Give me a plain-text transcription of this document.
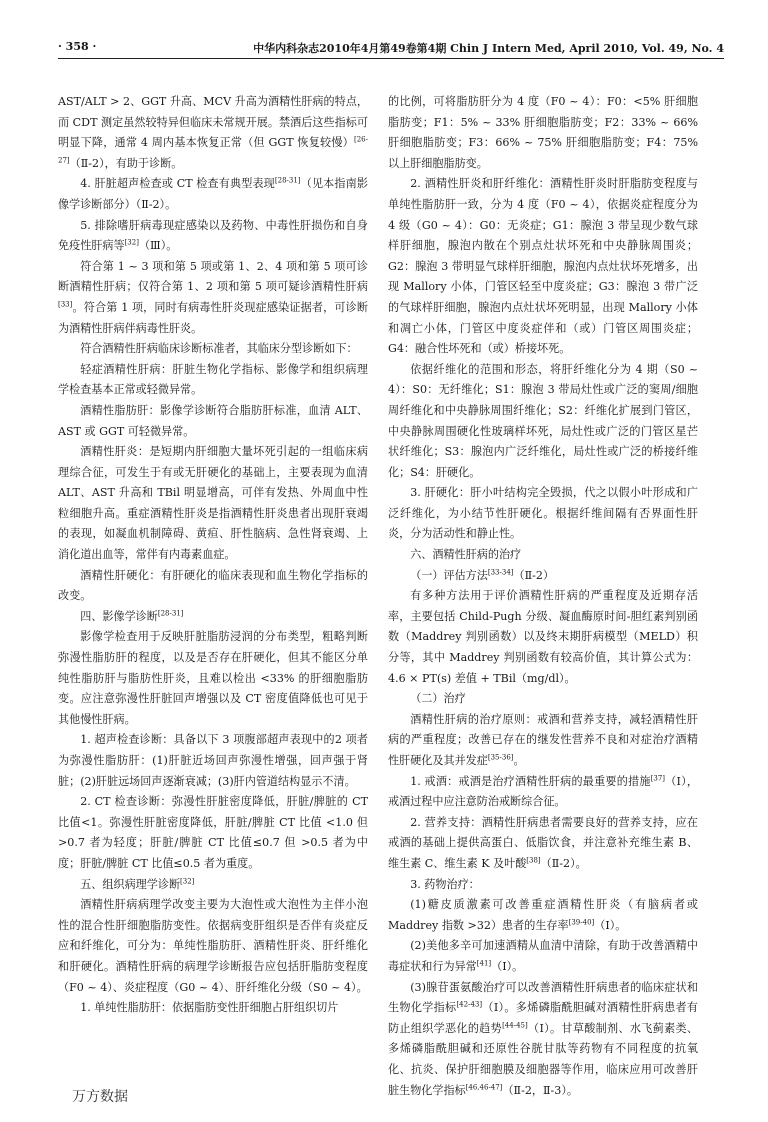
· 358 ·	中华内科杂志2010年4月第49卷第4期 Chin J Intern Med, April 2010, Vol. 49, No. 4

AST/ALT > 2、GGT 升高、MCV 升高为酒精性肝病的特点，而 CDT 测定虽然较特异但临床未常规开展。禁酒后这些指标可明显下降，通常 4 周内基本恢复正常（但 GGT 恢复较慢）[26-27]（Ⅱ-2），有助于诊断。

4. 肝脏超声检查或 CT 检查有典型表现[28-31]（见本指南影像学诊断部分）（Ⅱ-2）。

5. 排除嗜肝病毒现症感染以及药物、中毒性肝损伤和自身免疫性肝病等[32]（Ⅲ）。

符合第 1 ~ 3 项和第 5 项或第 1、2、4 项和第 5 项可诊断酒精性肝病；仅符合第 1、2 项和第 5 项可疑诊酒精性肝病[33]。符合第 1 项，同时有病毒性肝炎现症感染证据者，可诊断为酒精性肝病伴病毒性肝炎。

符合酒精性肝病临床诊断标准者，其临床分型诊断如下：

轻症酒精性肝病：肝脏生物化学指标、影像学和组织病理学检查基本正常或轻微异常。

酒精性脂肪肝：影像学诊断符合脂肪肝标准，血清 ALT、AST 或 GGT 可轻微异常。

酒精性肝炎：是短期内肝细胞大量坏死引起的一组临床病理综合征，可发生于有或无肝硬化的基础上，主要表现为血清 ALT、AST 升高和 TBil 明显增高，可伴有发热、外周血中性粒细胞升高。重症酒精性肝炎是指酒精性肝炎患者出现肝衰竭的表现，如凝血机制障碍、黄疸、肝性脑病、急性肾衰竭、上消化道出血等，常伴有内毒素血症。

酒精性肝硬化：有肝硬化的临床表现和血生物化学指标的改变。

四、影像学诊断[28-31]

影像学检查用于反映肝脏脂肪浸润的分布类型，粗略判断弥漫性脂肪肝的程度，以及是否存在肝硬化，但其不能区分单纯性脂肪肝与脂肪性肝炎，且难以检出 <33% 的肝细胞脂肪变。应注意弥漫性肝脏回声增强以及 CT 密度值降低也可见于其他慢性肝病。

1. 超声检查诊断：具备以下 3 项腹部超声表现中的2 项者为弥漫性脂肪肝：(1)肝脏近场回声弥漫性增强，回声强于肾脏；(2)肝脏远场回声逐渐衰减；(3)肝内管道结构显示不清。

2. CT 检查诊断：弥漫性肝脏密度降低，肝脏/脾脏的 CT 比值<1。弥漫性肝脏密度降低，肝脏/脾脏 CT 比值 <1.0 但 >0.7 者为轻度；肝脏/脾脏 CT 比值≤0.7 但 >0.5 者为中度；肝脏/脾脏 CT 比值≤0.5 者为重度。

五、组织病理学诊断[32]

酒精性肝病病理学改变主要为大泡性或大泡性为主伴小泡性的混合性肝细胞脂肪变性。依据病变肝组织是否伴有炎症反应和纤维化，可分为：单纯性脂肪肝、酒精性肝炎、肝纤维化和肝硬化。酒精性肝病的病理学诊断报告应包括肝脂肪变程度（F0 ~ 4）、炎症程度（G0 ~ 4）、肝纤维化分级（S0 ~ 4）。

1. 单纯性脂肪肝：依据脂肪变性肝细胞占肝组织切片

的比例，可将脂肪肝分为 4 度（F0 ~ 4）：F0：<5% 肝细胞脂肪变；F1：5% ~ 33% 肝细胞脂肪变；F2：33% ~ 66% 肝细胞脂肪变；F3：66% ~ 75% 肝细胞脂肪变；F4：75% 以上肝细胞脂肪变。

2. 酒精性肝炎和肝纤维化：酒精性肝炎时肝脂肪变程度与单纯性脂肪肝一致，分为 4 度（F0 ~ 4），依据炎症程度分为 4 级（G0 ~ 4）：G0：无炎症；G1：腺泡 3 带呈现少数气球样肝细胞，腺泡内散在个别点灶状坏死和中央静脉周围炎；G2：腺泡 3 带明显气球样肝细胞，腺泡内点灶状坏死增多，出现 Mallory 小体，门管区轻至中度炎症；G3：腺泡 3 带广泛的气球样肝细胞，腺泡内点灶状坏死明显，出现 Mallory 小体和凋亡小体，门管区中度炎症伴和（或）门管区周围炎症；G4：融合性坏死和（或）桥接坏死。

依据纤维化的范围和形态，将肝纤维化分为 4 期（S0 ~ 4）：S0：无纤维化；S1：腺泡 3 带局灶性或广泛的窦周/细胞周纤维化和中央静脉周围纤维化；S2：纤维化扩展到门管区，中央静脉周围硬化性玻璃样坏死，局灶性或广泛的门管区星芒状纤维化；S3：腺泡内广泛纤维化，局灶性或广泛的桥接纤维化；S4：肝硬化。

3. 肝硬化：肝小叶结构完全毁损，代之以假小叶形成和广泛纤维化，为小结节性肝硬化。根据纤维间隔有否界面性肝炎，分为活动性和静止性。

六、酒精性肝病的治疗

（一）评估方法[33-34]（Ⅱ-2）

有多种方法用于评价酒精性肝病的严重程度及近期存活率，主要包括 Child-Pugh 分级、凝血酶原时间-胆红素判别函数（Maddrey 判别函数）以及终末期肝病模型（MELD）积分等，其中 Maddrey 判别函数有较高价值，其计算公式为：4.6 × PT(s) 差值 + TBil（mg/dl）。

（二）治疗

酒精性肝病的治疗原则：戒酒和营养支持，减轻酒精性肝病的严重程度；改善已存在的继发性营养不良和对症治疗酒精性肝硬化及其并发症[35-36]。

1. 戒酒：戒酒是治疗酒精性肝病的最重要的措施[37]（Ⅰ），戒酒过程中应注意防治戒断综合征。

2. 营养支持：酒精性肝病患者需要良好的营养支持，应在戒酒的基础上提供高蛋白、低脂饮食，并注意补充维生素 B、维生素 C、维生素 K 及叶酸[38]（Ⅱ-2）。

3. 药物治疗：

(1)糖皮质激素可改善重症酒精性肝炎（有脑病者或 Maddrey 指数 >32）患者的生存率[39-40]（Ⅰ）。

(2)美他多辛可加速酒精从血清中清除，有助于改善酒精中毒症状和行为异常[41]（Ⅰ）。

(3)腺苷蛋氨酸治疗可以改善酒精性肝病患者的临床症状和生物化学指标[42-43]（Ⅰ）。多烯磷脂酰胆碱对酒精性肝病患者有防止组织学恶化的趋势[44-45]（Ⅰ）。甘草酸制剂、水飞蓟素类、多烯磷脂酰胆碱和还原性谷胱甘肽等药物有不同程度的抗氧化、抗炎、保护肝细胞膜及细胞器等作用，临床应用可改善肝脏生物化学指标[46,46-47]（Ⅱ-2，Ⅱ-3）。

万方数据
